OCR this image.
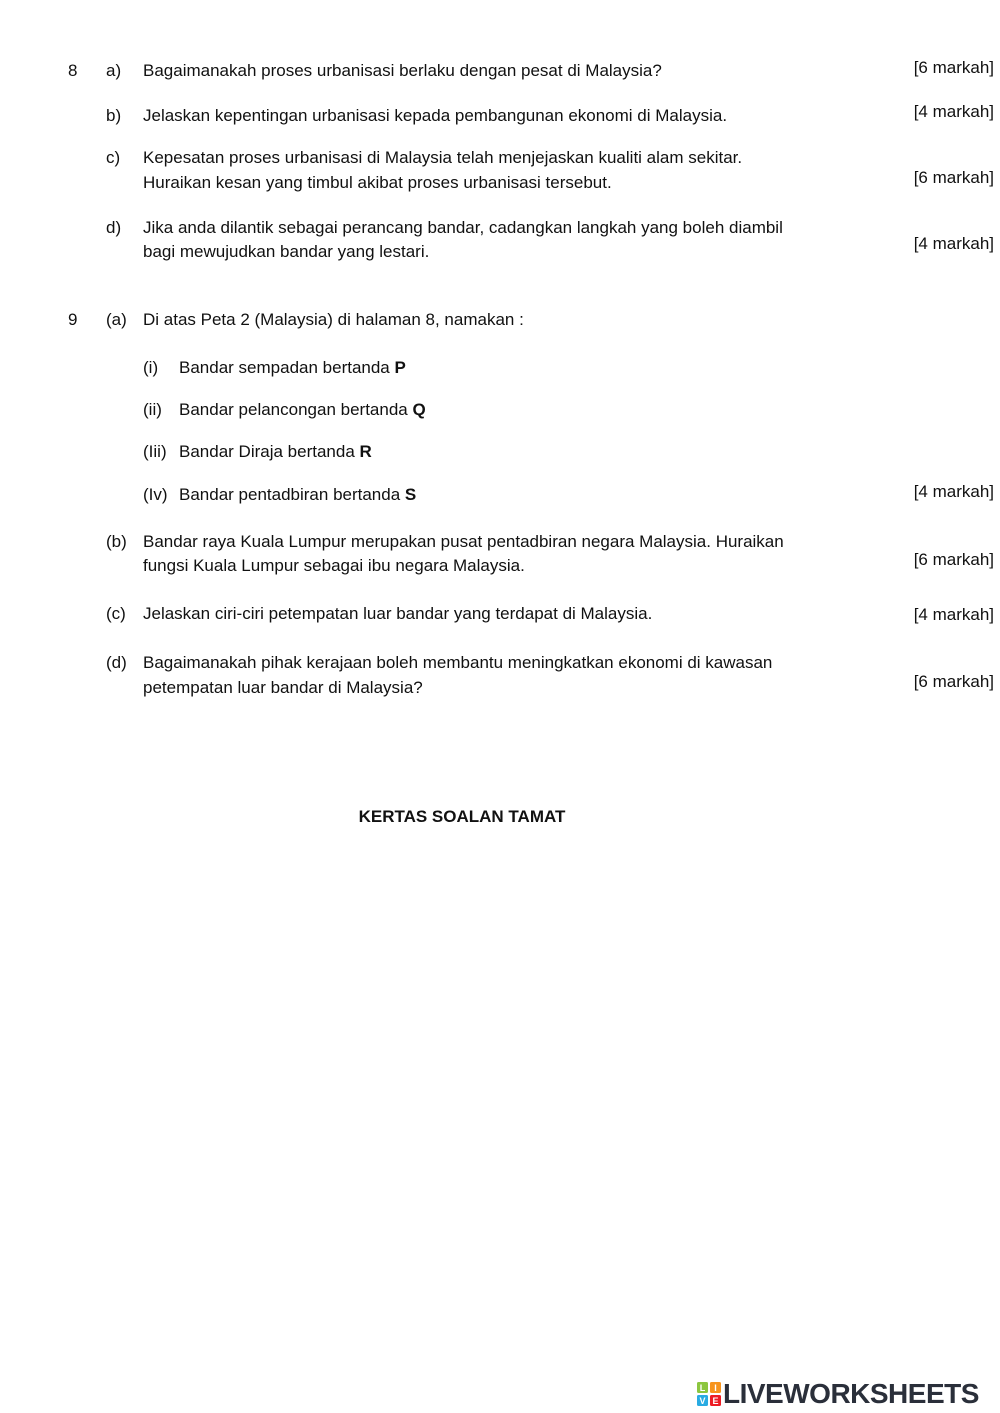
8 a) Bagaimanakah proses urbanisasi berlaku dengan pesat di Malaysia?	[6 markah]
b) Jelaskan kepentingan urbanisasi kepada pembangunan ekonomi di Malaysia.	[4 markah]
c) Kepesatan proses urbanisasi di Malaysia telah menjejaskan kualiti alam sekitar.
Huraikan kesan yang timbul akibat proses urbanisasi tersebut.	[6 markah]
d) Jika anda dilantik sebagai perancang bandar, cadangkan langkah yang boleh diambil
bagi mewujudkan bandar yang lestari.	[4 markah]
9 (a) Di atas Peta 2 (Malaysia) di halaman 8, namakan :
(i) Bandar sempadan bertanda P
(ii) Bandar pelancongan bertanda Q
(Iii) Bandar Diraja bertanda R
(Iv) Bandar pentadbiran bertanda S	[4 markah]
(b) Bandar raya Kuala Lumpur merupakan pusat pentadbiran negara Malaysia. Huraikan
fungsi Kuala Lumpur sebagai ibu negara Malaysia.	[6 markah]
(c) Jelaskan ciri-ciri petempatan luar bandar yang terdapat di Malaysia.	[4 markah]
(d) Bagaimanakah pihak kerajaan boleh membantu meningkatkan ekonomi di kawasan
petempatan luar bandar di Malaysia?	[6 markah]
KERTAS SOALAN TAMAT
L I
V E LIVEWORKSHEETS
